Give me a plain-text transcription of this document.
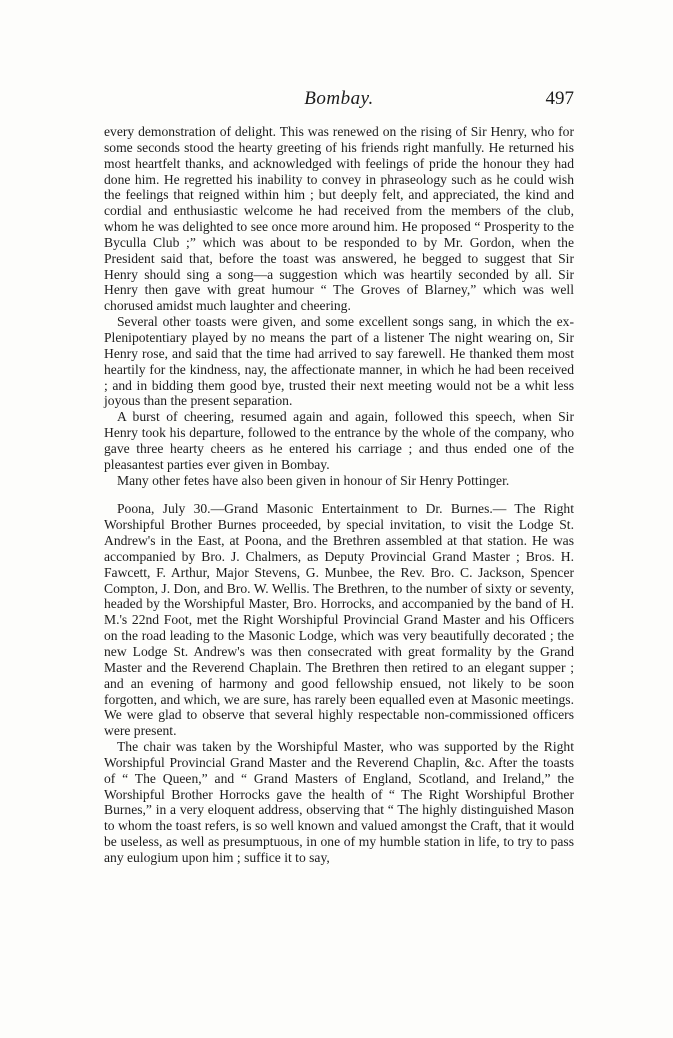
Bombay.	497

every demonstration of delight. This was renewed on the rising of Sir Henry, who for some seconds stood the hearty greeting of his friends right manfully. He returned his most heartfelt thanks, and acknowledged with feelings of pride the honour they had done him. He regretted his inability to convey in phraseology such as he could wish the feelings that reigned within him ; but deeply felt, and appreciated, the kind and cordial and enthusiastic welcome he had received from the members of the club, whom he was delighted to see once more around him. He proposed “ Prosperity to the Byculla Club ;” which was about to be responded to by Mr. Gordon, when the President said that, before the toast was answered, he begged to suggest that Sir Henry should sing a song—a suggestion which was heartily seconded by all. Sir Henry then gave with great humour “ The Groves of Blarney,” which was well chorused amidst much laughter and cheering.

Several other toasts were given, and some excellent songs sang, in which the ex-Plenipotentiary played by no means the part of a listener The night wearing on, Sir Henry rose, and said that the time had arrived to say farewell. He thanked them most heartily for the kindness, nay, the affectionate manner, in which he had been received ; and in bidding them good bye, trusted their next meeting would not be a whit less joyous than the present separation.

A burst of cheering, resumed again and again, followed this speech, when Sir Henry took his departure, followed to the entrance by the whole of the company, who gave three hearty cheers as he entered his carriage ; and thus ended one of the pleasantest parties ever given in Bombay.

Many other fetes have also been given in honour of Sir Henry Pottinger.

Poona, July 30.—Grand Masonic Entertainment to Dr. Burnes.— The Right Worshipful Brother Burnes proceeded, by special invitation, to visit the Lodge St. Andrew's in the East, at Poona, and the Brethren assembled at that station. He was accompanied by Bro. J. Chalmers, as Deputy Provincial Grand Master ; Bros. H. Fawcett, F. Arthur, Major Stevens, G. Munbee, the Rev. Bro. C. Jackson, Spencer Compton, J. Don, and Bro. W. Wellis. The Brethren, to the number of sixty or seventy, headed by the Worshipful Master, Bro. Horrocks, and accompanied by the band of H. M.'s 22nd Foot, met the Right Worshipful Provincial Grand Master and his Officers on the road leading to the Masonic Lodge, which was very beautifully decorated ; the new Lodge St. Andrew's was then consecrated with great formality by the Grand Master and the Reverend Chaplain. The Brethren then retired to an elegant supper ; and an evening of harmony and good fellowship ensued, not likely to be soon forgotten, and which, we are sure, has rarely been equalled even at Masonic meetings. We were glad to observe that several highly respectable non-commissioned officers were present.

The chair was taken by the Worshipful Master, who was supported by the Right Worshipful Provincial Grand Master and the Reverend Chaplin, &c. After the toasts of “ The Queen,” and “ Grand Masters of England, Scotland, and Ireland,” the Worshipful Brother Horrocks gave the health of “ The Right Worshipful Brother Burnes,” in a very eloquent address, observing that “ The highly distinguished Mason to whom the toast refers, is so well known and valued amongst the Craft, that it would be useless, as well as presumptuous, in one of my humble station in life, to try to pass any eulogium upon him ; suffice it to say,
